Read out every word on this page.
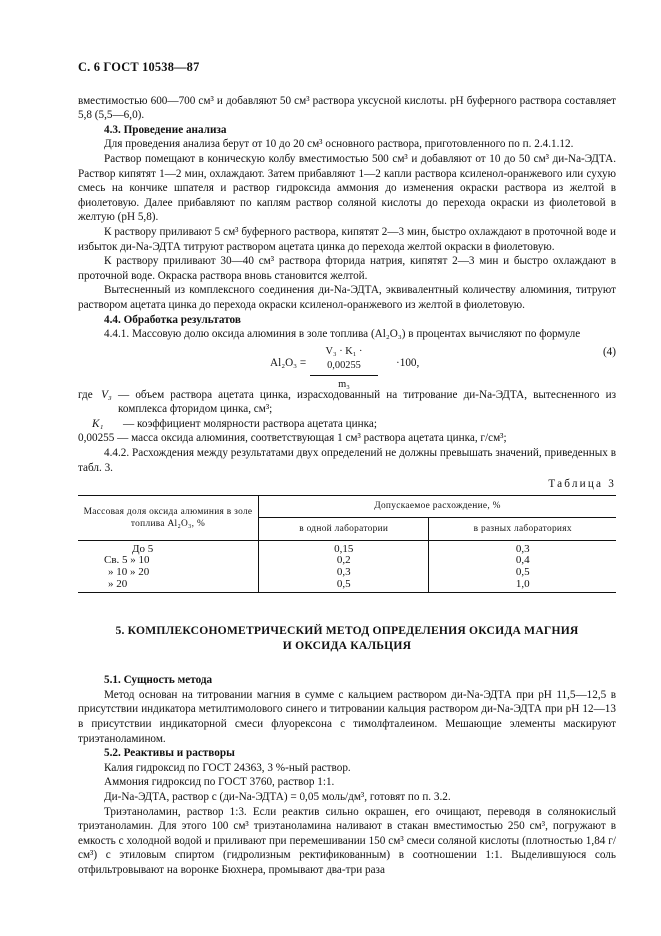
С. 6 ГОСТ 10538—87

вместимостью 600—700 см³ и добавляют 50 см³ раствора уксусной кислоты. рН буферного раствора составляет 5,8 (5,5—6,0).

4.3. Проведение анализа

Для проведения анализа берут от 10 до 20 см³ основного раствора, приготовленного по п. 2.4.1.12.

Раствор помещают в коническую колбу вместимостью 500 см³ и добавляют от 10 до 50 см³ ди-Na-ЭДТА. Раствор кипятят 1—2 мин, охлаждают. Затем прибавляют 1—2 капли раствора ксиленол-оранжевого или сухую смесь на кончике шпателя и раствор гидроксида аммония до изменения окраски раствора из желтой в фиолетовую. Далее прибавляют по каплям раствор соляной кислоты до перехода окраски из фиолетовой в желтую (рН 5,8).

К раствору приливают 5 см³ буферного раствора, кипятят 2—3 мин, быстро охлаждают в проточной воде и избыток ди-Na-ЭДТА титруют раствором ацетата цинка до перехода желтой окраски в фиолетовую.

К раствору приливают 30—40 см³ раствора фторида натрия, кипятят 2—3 мин и быстро охлаждают в проточной воде. Окраска раствора вновь становится желтой.

Вытесненный из комплексного соединения ди-Na-ЭДТА, эквивалентный количеству алюминия, титруют раствором ацетата цинка до перехода окраски ксиленол-оранжевого из желтой в фиолетовую.

4.4. Обработка результатов

4.4.1. Массовую долю оксида алюминия в золе топлива (Al₂O₃) в процентах вычисляют по формуле

$Al_2O_3 = \frac{\text{V₃ · K₁ · 0,00255}}{\text{m₃}} \cdot 100$,
(4)
где V₃ — объем раствора ацетата цинка, израсходованный на титрование ди-Na-ЭДТА, вытесненного из комплекса фторидом цинка, см³;
K₁	— коэффициент молярности раствора ацетата цинка;
0,00255
— масса оксида алюминия, соответствующая 1 см³ раствора ацетата цинка, г/см³;

4.4.2. Расхождения между результатами двух определений не должны превышать значений, приведенных в табл. 3.

Таблица 3
Массовая доля оксида алюминия в золе топлива Al₂O₃, %	Допускаемое расхождение, %	
	в одной лаборатории	в разных лабораториях
До 5	0,15	0,3
Св. 5 » 10	0,2	0,4
» 10 » 20	0,3	0,5
» 20	0,5	1,0
5. КОМПЛЕКСОНОМЕТРИЧЕСКИЙ МЕТОД ОПРЕДЕЛЕНИЯ ОКСИДА МАГНИЯ
И ОКСИДА КАЛЬЦИЯ

5.1. Сущность метода

Метод основан на титровании магния в сумме с кальцием раствором ди-Na-ЭДТА при рН 11,5—12,5 в присутствии индикатора метилтимолового синего и титровании кальция раствором ди-Na-ЭДТА при рН 12—13 в присутствии индикаторной смеси флуорексона с тимолфталеином. Мешающие элементы маскируют триэтаноламином.

5.2. Реактивы и растворы

Калия гидроксид по ГОСТ 24363, 3 %-ный раствор.

Аммония гидроксид по ГОСТ 3760, раствор 1:1.

Ди-Na-ЭДТА, раствор c (ди-Na-ЭДТА) = 0,05 моль/дм³, готовят по п. 3.2.

Триэтаноламин, раствор 1:3. Если реактив сильно окрашен, его очищают, переводя в солянокислый триэтаноламин. Для этого 100 см³ триэтаноламина наливают в стакан вместимостью 250 см³, погружают в емкость с холодной водой и приливают при перемешивании 150 см³ смеси соляной кислоты (плотностью 1,84 г/см³) с этиловым спиртом (гидролизным ректификованным) в соотношении 1:1. Выделившуюся соль отфильтровывают на воронке Бюхнера, промывают два-три раза
